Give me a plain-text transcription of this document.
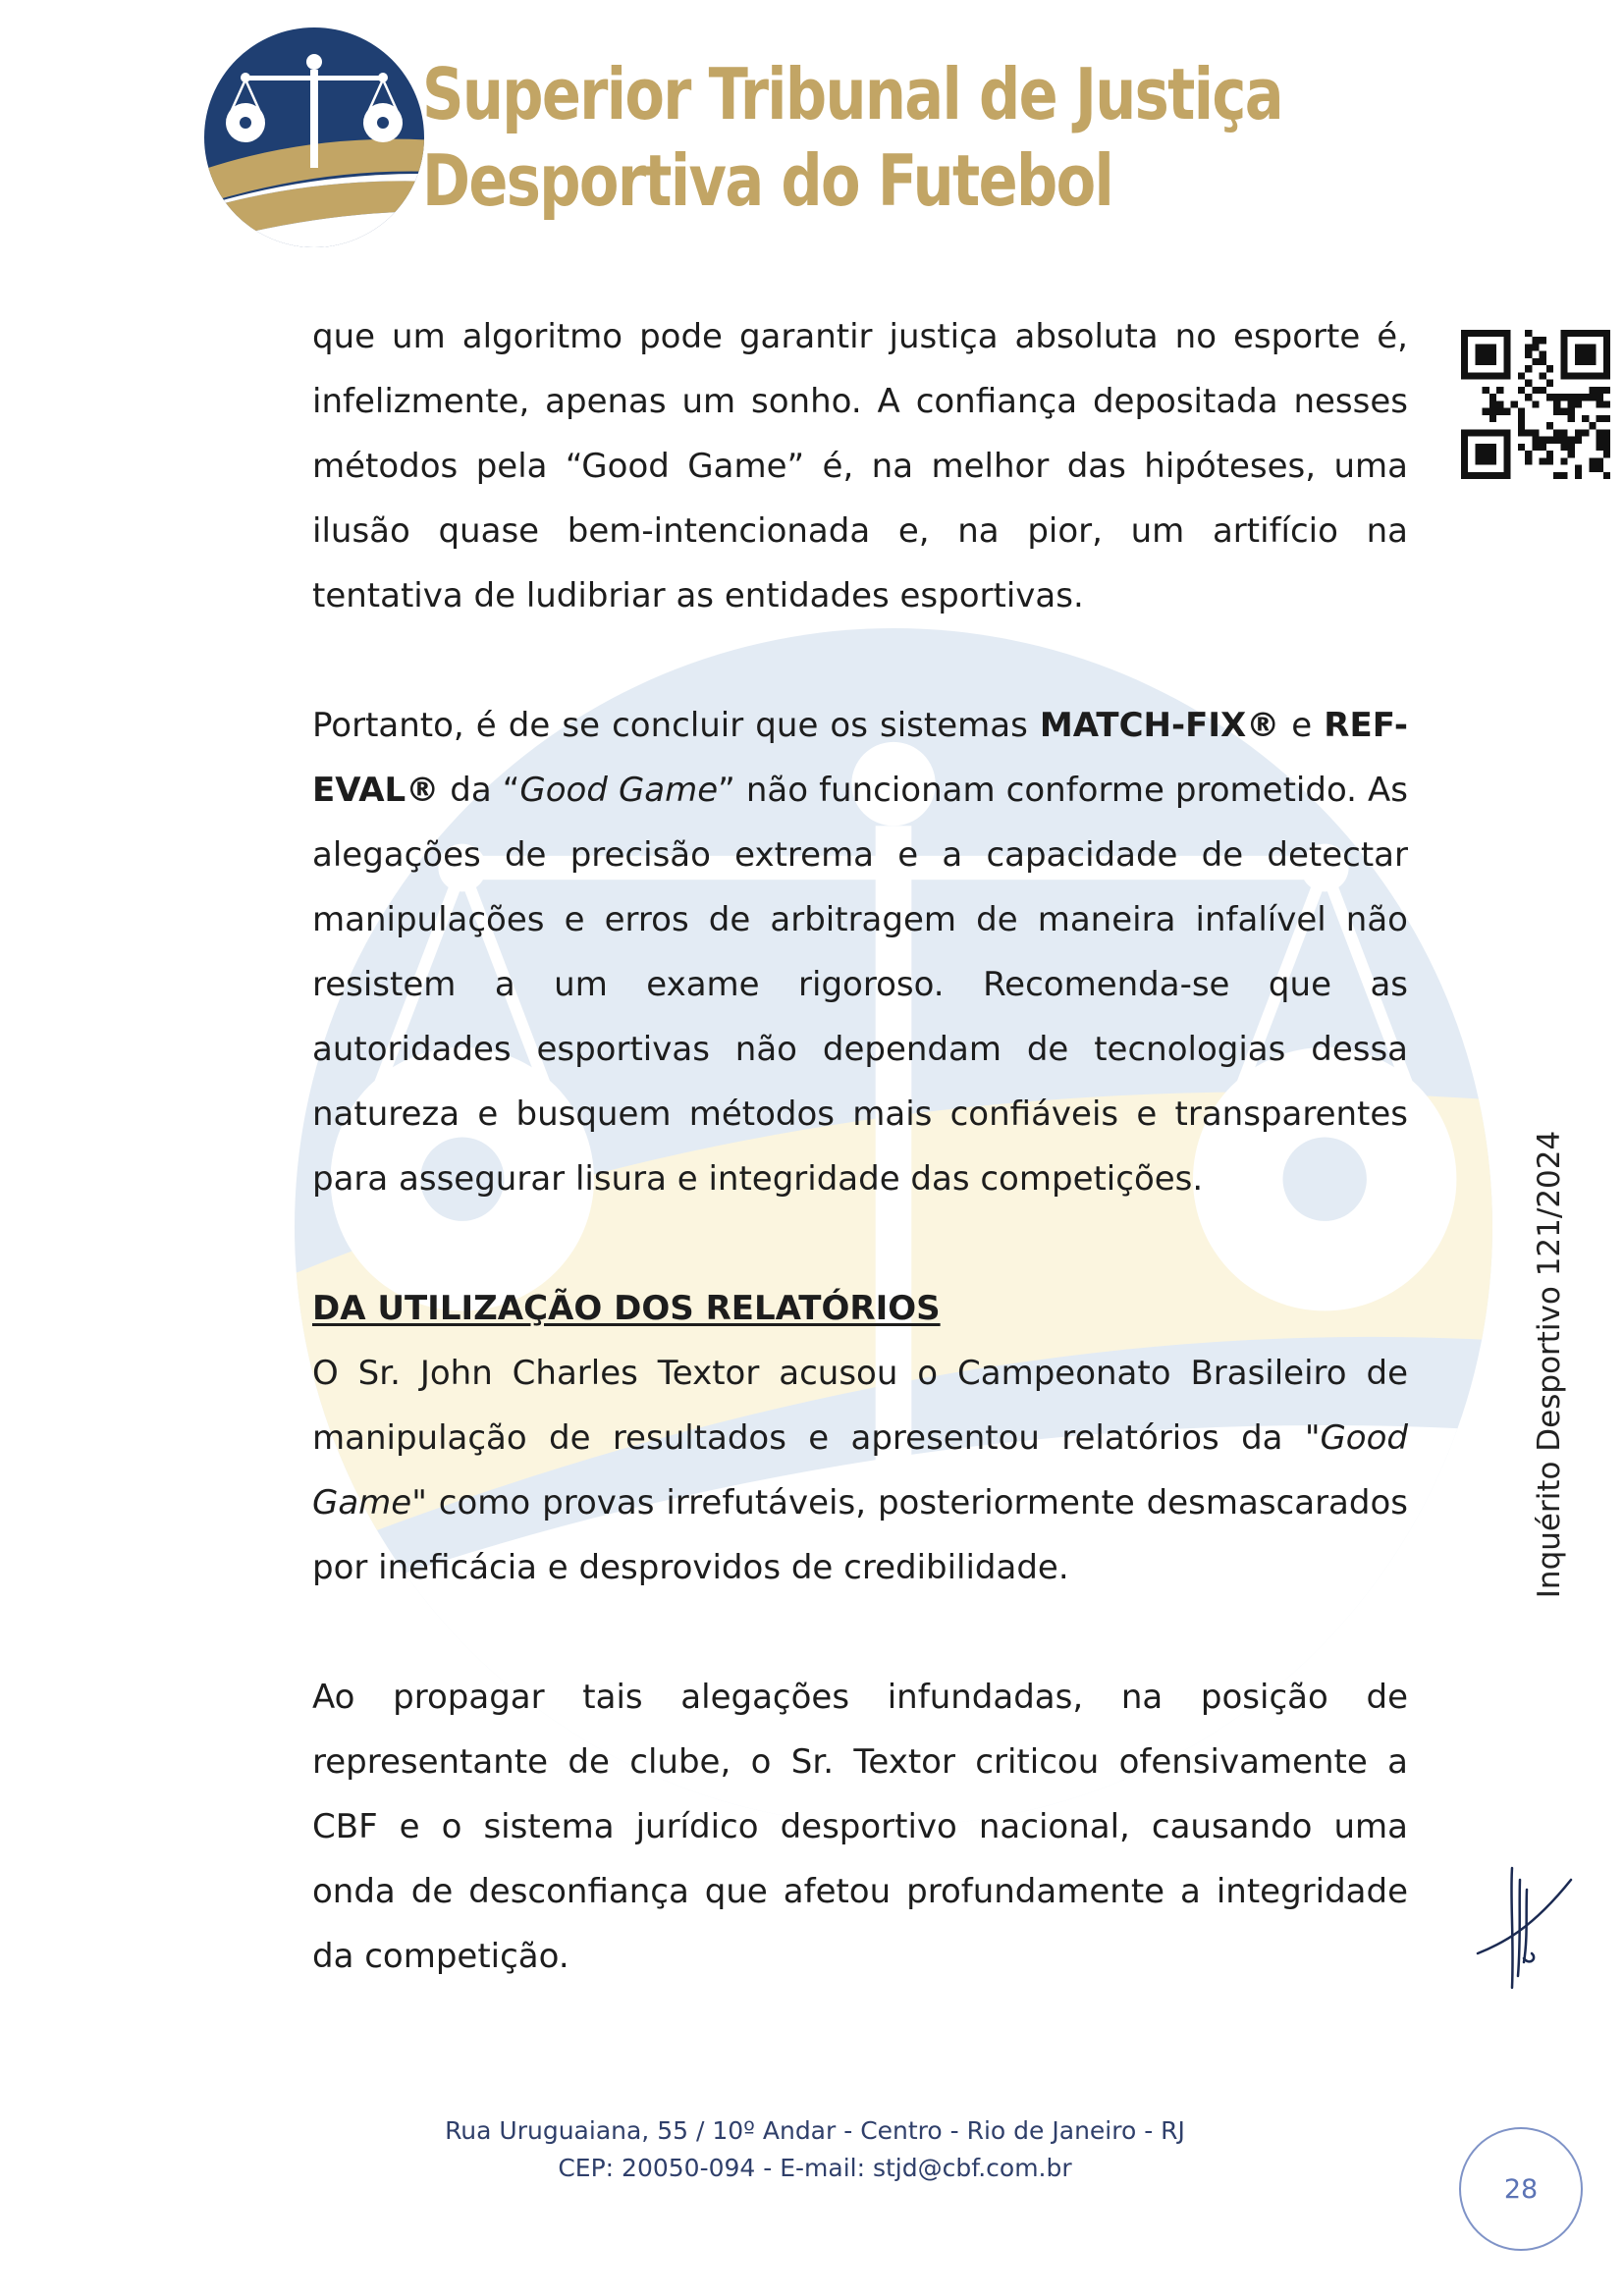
Superior Tribunal de Justiça
Desportiva do Futebol

que um algoritmo pode garantir justiça absoluta no esporte é, infelizmente, apenas um sonho. A confiança depositada nesses métodos pela “Good Game” é, na melhor das hipóteses, uma ilusão quase bem-intencionada e, na pior, um artifício na tentativa de ludibriar as entidades esportivas.

Portanto, é de se concluir que os sistemas MATCH-FIX® e REF-EVAL® da “Good Game” não funcionam conforme prometido. As alegações de precisão extrema e a capacidade de detectar manipulações e erros de arbitragem de maneira infalível não resistem a um exame rigoroso. Recomenda-se que as autoridades esportivas não dependam de tecnologias dessa natureza e busquem métodos mais confiáveis e transparentes para assegurar lisura e integridade das competições.

DA UTILIZAÇÃO DOS RELATÓRIOS

O Sr. John Charles Textor acusou o Campeonato Brasileiro de manipulação de resultados e apresentou relatórios da "Good Game" como provas irrefutáveis, posteriormente desmascarados por ineficácia e desprovidos de credibilidade.

Ao propagar tais alegações infundadas, na posição de representante de clube, o Sr. Textor criticou ofensivamente a CBF e o sistema jurídico desportivo nacional, causando uma onda de desconfiança que afetou profundamente a integridade da competição.

Inquérito Desportivo 121/2024
Rua Uruguaiana, 55 / 10º Andar - Centro - Rio de Janeiro - RJ
CEP: 20050-094 - E-mail: stjd@cbf.com.br
28
